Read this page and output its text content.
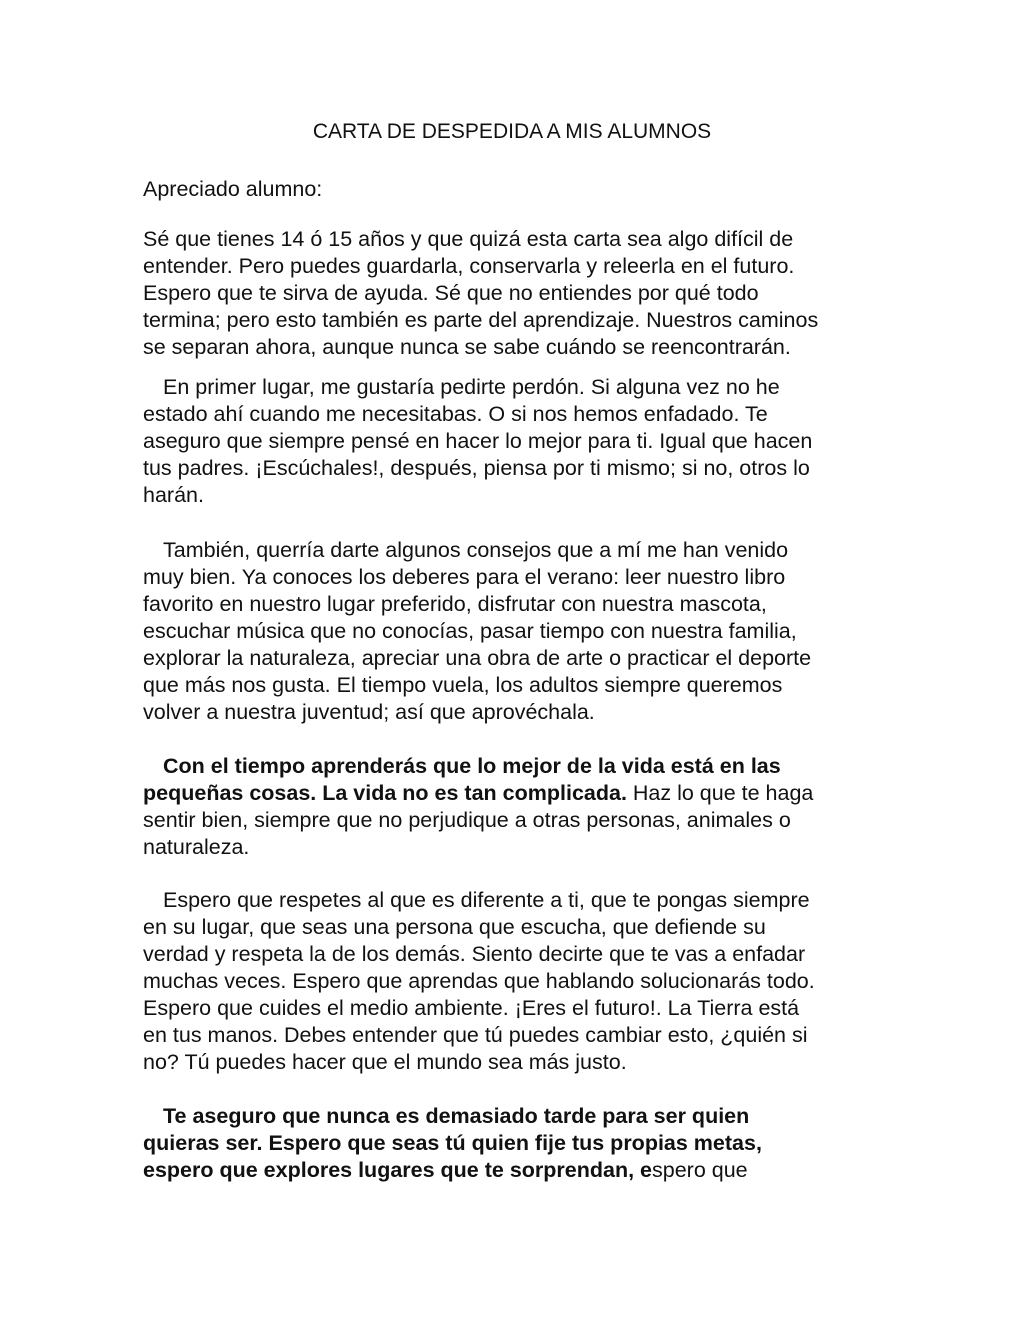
CARTA DE DESPEDIDA A MIS ALUMNOS
Apreciado alumno:
Sé que tienes 14 ó 15 años y que quizá esta carta sea algo difícil de
entender. Pero puedes guardarla, conservarla y releerla en el futuro.
Espero que te sirva de ayuda. Sé que no entiendes por qué todo
termina; pero esto también es parte del aprendizaje. Nuestros caminos
se separan ahora, aunque nunca se sabe cuándo se reencontrarán.
En primer lugar, me gustaría pedirte perdón. Si alguna vez no he
estado ahí cuando me necesitabas. O si nos hemos enfadado. Te
aseguro que siempre pensé en hacer lo mejor para ti. Igual que hacen
tus padres. ¡Escúchales!, después, piensa por ti mismo; si no, otros lo
harán.
También, querría darte algunos consejos que a mí me han venido
muy bien. Ya conoces los deberes para el verano: leer nuestro libro
favorito en nuestro lugar preferido, disfrutar con nuestra mascota,
escuchar música que no conocías, pasar tiempo con nuestra familia,
explorar la naturaleza, apreciar una obra de arte o practicar el deporte
que más nos gusta. El tiempo vuela, los adultos siempre queremos
volver a nuestra juventud; así que aprovéchala.
Con el tiempo aprenderás que lo mejor de la vida está en las
pequeñas cosas. La vida no es tan complicada. Haz lo que te haga
sentir bien, siempre que no perjudique a otras personas, animales o
naturaleza.
Espero que respetes al que es diferente a ti, que te pongas siempre
en su lugar, que seas una persona que escucha, que defiende su
verdad y respeta la de los demás. Siento decirte que te vas a enfadar
muchas veces. Espero que aprendas que hablando solucionarás todo.
Espero que cuides el medio ambiente. ¡Eres el futuro!. La Tierra está
en tus manos. Debes entender que tú puedes cambiar esto, ¿quién si
no? Tú puedes hacer que el mundo sea más justo.
Te aseguro que nunca es demasiado tarde para ser quien
quieras ser. Espero que seas tú quien fije tus propias metas,
espero que explores lugares que te sorprendan, espero que
